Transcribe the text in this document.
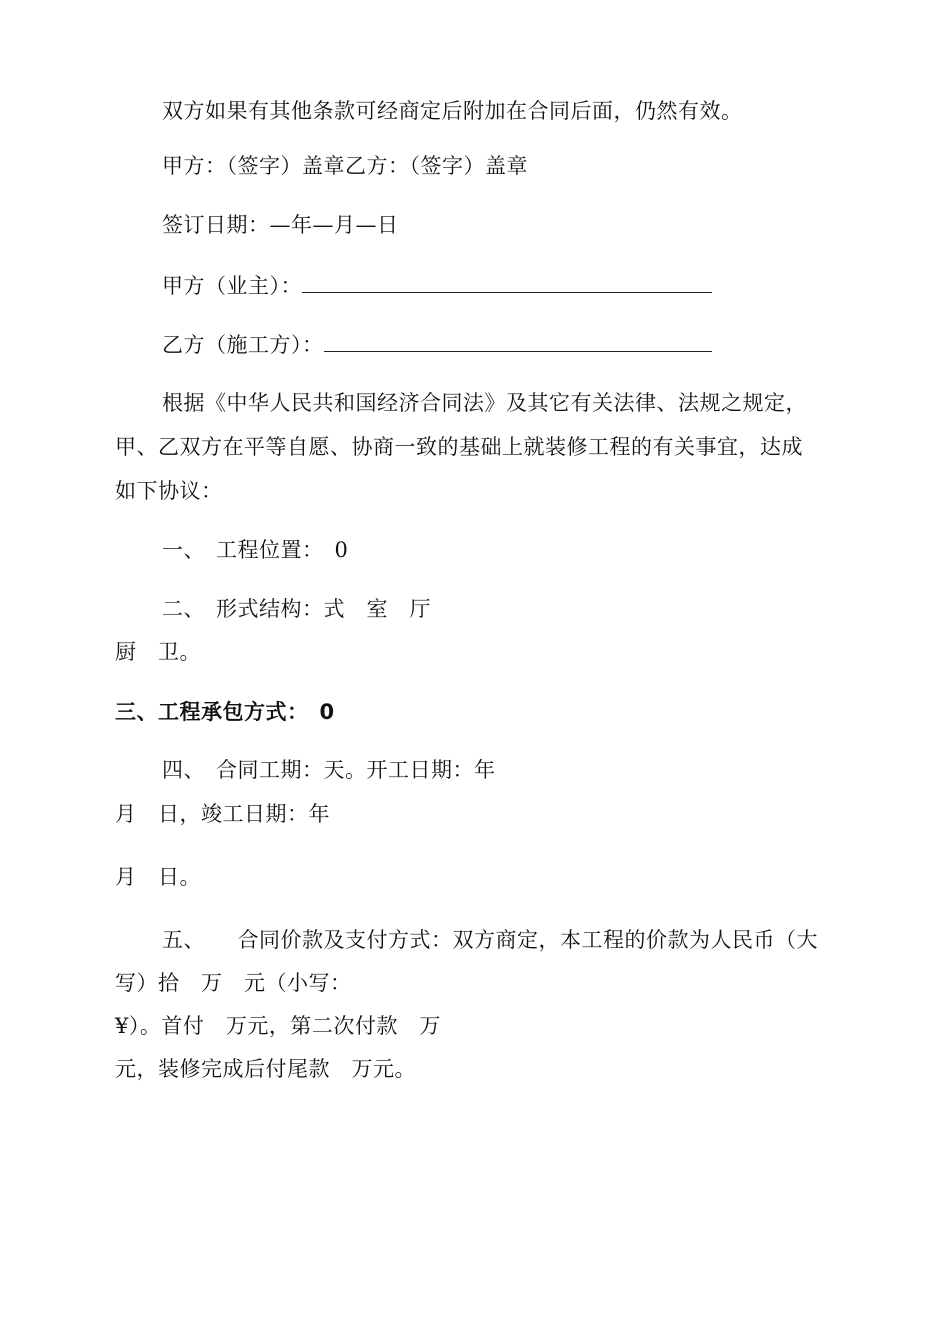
双方如果有其他条款可经商定后附加在合同后面，仍然有效。
甲方：（签字）盖章乙方：（签字）盖章
签订日期：—年—月—日
甲方（业主）：
乙方（施工方）：
根据《中华人民共和国经济合同法》及其它有关法律、法规之规定，
甲、乙双方在平等自愿、协商一致的基础上就装修工程的有关事宜，达成
如下协议：
一、　工程位置：　0
二、　形式结构：式　室　厅
厨　卫。
三、工程承包方式：　0
四、　合同工期：天。开工日期：年
月　日，竣工日期：年
月　日。
五、　　合同价款及支付方式：双方商定，本工程的价款为人民币（大
写）拾　万　元（小写：
¥）。首付　万元，第二次付款　万
元，装修完成后付尾款　万元。
